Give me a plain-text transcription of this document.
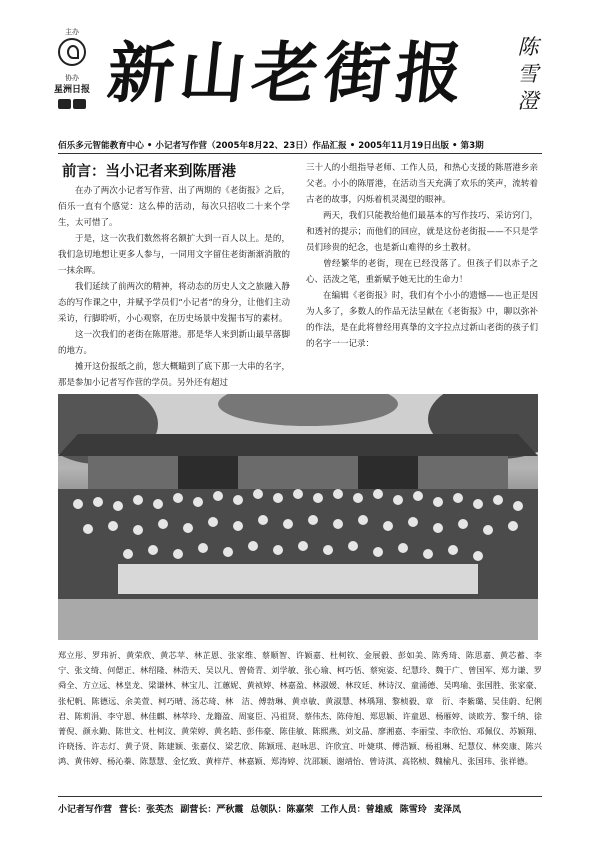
主办
协办
星洲日报 新山老街报	陈雪澄
佰乐多元智能教育中心 • 小记者写作营（2005年8月22、23日）作品汇报 • 2005年11月19日出版 • 第3期
前言：当小记者来到陈厝港

在办了两次小记者写作营、出了两期的《老街报》之后，佰乐一直有个感觉：这么棒的活动，每次只招收二十来个学生，太可惜了。

于是，这一次我们数然将名额扩大到一百人以上。是的，我们急切地想让更多人参与，一同用文字留住老街渐渐消散的一抹余晖。

我们延续了前两次的精神，将动态的历史人文之旅融入静态的写作课之中，并赋予学员们“小记者”的身分，让他们主动采访，行脚聆听，小心观察，在历史场景中发掘书写的素材。

这一次我们的老街在陈厝港。那是华人来到新山最早落脚的地方。

摊开这份报纸之前，您大概瞄到了底下那一大串的名字，那是参加小记者写作营的学员。另外还有超过

三十人的小组指导老师、工作人员，和热心支援的陈厝港乡亲父老。小小的陈厝港，在活动当天充满了欢乐的笑声，流转着古老的故事，闪烁着机灵渴望的眼神。

两天，我们只能教给他们最基本的写作技巧、采访窍门，和透衬的提示；而他们的回应，就是这份老街报——不只是学员们珍贵的纪念，也是新山难得的乡土教材。

曾经繁华的老街，现在已经没落了。但孩子们以赤子之心、活泼之笔，重新赋予她无比的生命力！

在编辑《老街报》时，我们有个小小的遗憾——也正是因为人多了，多数人的作品无法呈献在《老街报》中，聊以弥补的作法，是在此将曾经用真挚的文字拉点过新山老街的孩子们的名字一一记录：

郑立彤、罗玮祈、黄荣欣、黄芯苹、林芷恩、张家维、蔡顺智、许颖嘉、杜柯钦、金展毅、彭如美、陈秀琦、陈思嘉、黄芯蓄、李　宁、张文绮、何偲正、林绍隆、林浩天、吴以凡、曾倚青、刘学敏、张心瑜、柯巧恬、蔡宛姿、纪慧玲、魏于广、曾国军、郑力谦、罗舜全、方立远、林皇龙、梁谦林、林宝儿、江蕙妮、黄祯婷、林嘉盈、林淑媛、林玟廷、林诗汉、童涌德、吴鸣瑜、张国胜、张家豪、张杞帆、陈德远、余美萱、柯巧晴、汤芯琦、林　洁、傅勃琳、黄卓敏、黄淑慧、林瑀翔、黎桢毅、章　衍、李紫璐、吴佳蔚、纪俐君、陈莉涓、李守恩、林佳麒、林萃玲、龙籍盈、周宴臣、冯祖贤、蔡伟杰、陈侍旭、郑思颖、许童恩、杨雁婷、谈欧芳、黎千纳、徐菁倪、颜永勤、陈世文、杜柯汶、黄荣婷、黄名皓、彭伟豪、陈佳敏、陈熙燕、刘文晶、廖湘嘉、李丽莹、李欣怡、邓佩仪、苏颖翔、许晓扬、许志灯、黄子贤、陈建颖、张嘉仪、梁艺欣、陈颖瑶、赵咏思、许欣宜、叶婕琪、傅浩颖、杨祖琳、纪慧仪、林奕康、陈兴鸿、黄伟婷、杨沁蓁、陈慧慧、金忆致、黄梓芹、林嘉颖、郑涛婷、沈邵颖、谢靖怡、曾诗淇、高铭桢、魏榆凡、张国玮、张祥德。
小记者写作营 营长：张英杰 副营长：严秋霞 总领队：陈嘉荣 工作人员：曾雄威 陈雪玲 麦泽凤
